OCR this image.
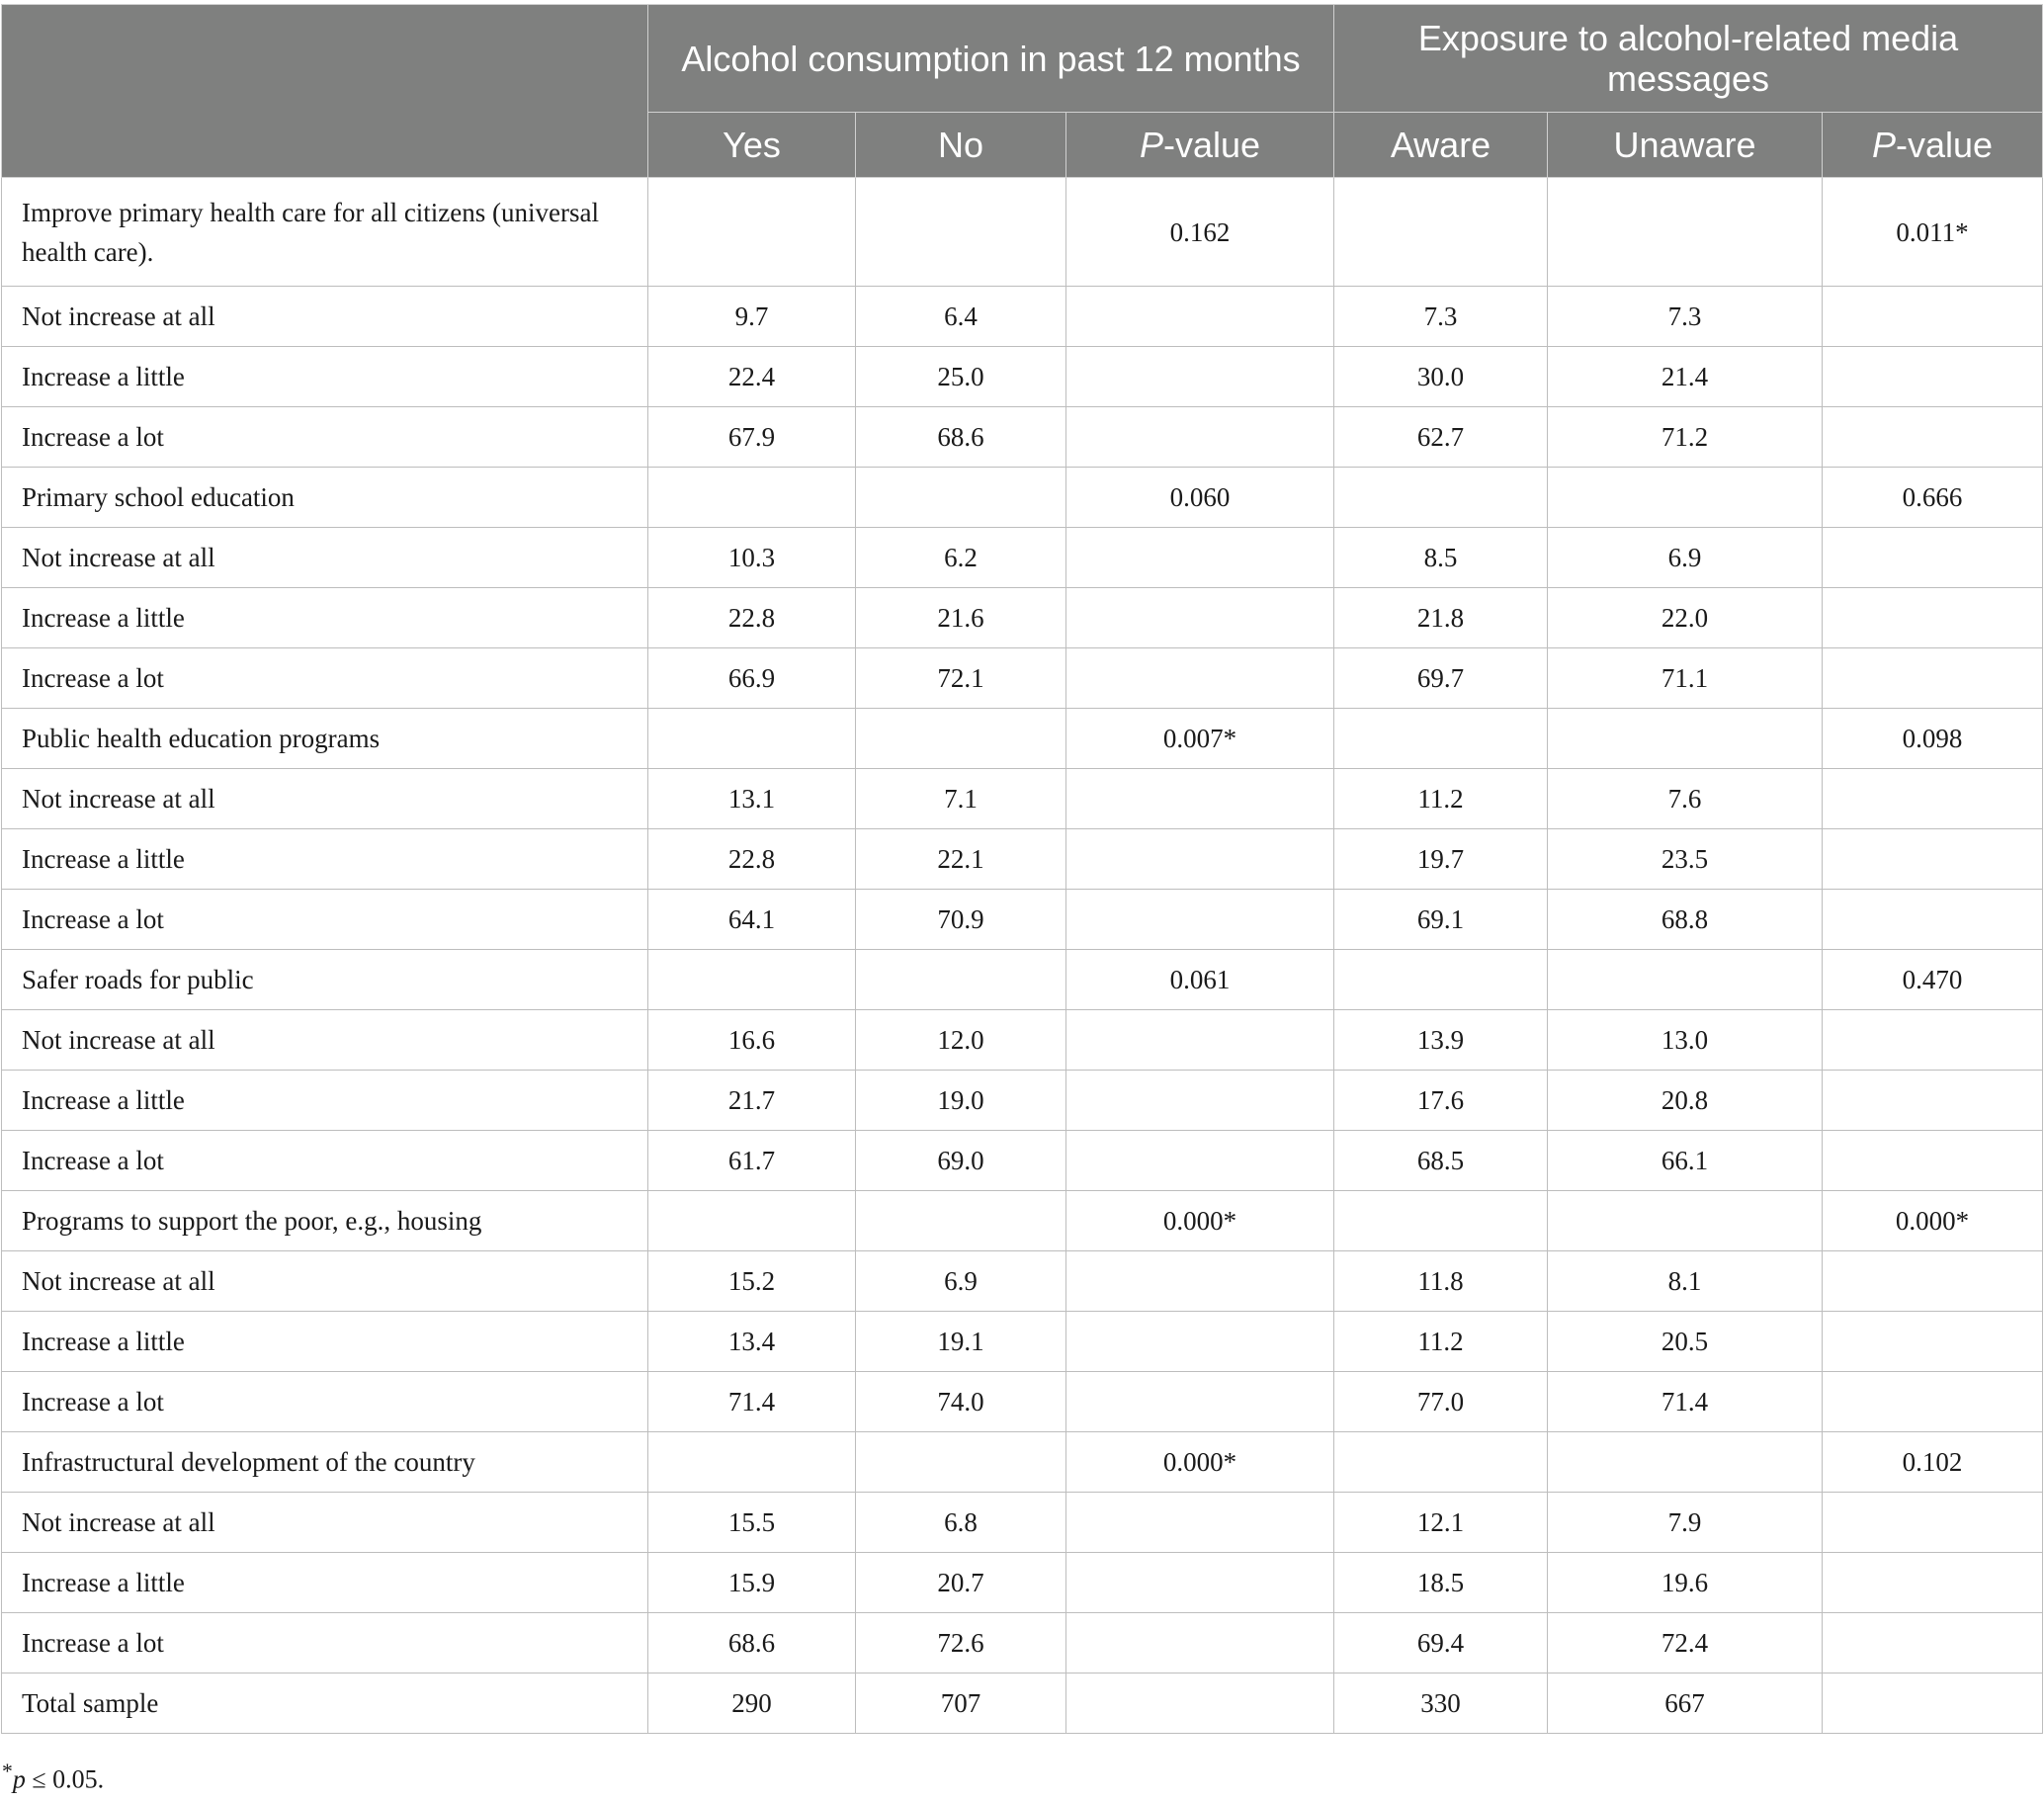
	Alcohol consumption in past 12 months			Exposure to alcohol-related media messages		
	Yes	No	P-value	Aware	Unaware	P-value
Improve primary health care for all citizens (universal health care).			0.162			0.011*
Not increase at all	9.7	6.4		7.3	7.3	
Increase a little	22.4	25.0		30.0	21.4	
Increase a lot	67.9	68.6		62.7	71.2	
Primary school education			0.060			0.666
Not increase at all	10.3	6.2		8.5	6.9	
Increase a little	22.8	21.6		21.8	22.0	
Increase a lot	66.9	72.1		69.7	71.1	
Public health education programs			0.007*			0.098
Not increase at all	13.1	7.1		11.2	7.6	
Increase a little	22.8	22.1		19.7	23.5	
Increase a lot	64.1	70.9		69.1	68.8	
Safer roads for public			0.061			0.470
Not increase at all	16.6	12.0		13.9	13.0	
Increase a little	21.7	19.0		17.6	20.8	
Increase a lot	61.7	69.0		68.5	66.1	
Programs to support the poor, e.g., housing			0.000*			0.000*
Not increase at all	15.2	6.9		11.8	8.1	
Increase a little	13.4	19.1		11.2	20.5	
Increase a lot	71.4	74.0		77.0	71.4	
Infrastructural development of the country			0.000*			0.102
Not increase at all	15.5	6.8		12.1	7.9	
Increase a little	15.9	20.7		18.5	19.6	
Increase a lot	68.6	72.6		69.4	72.4	
Total sample	290	707		330	667	
*p ≤ 0.05.
